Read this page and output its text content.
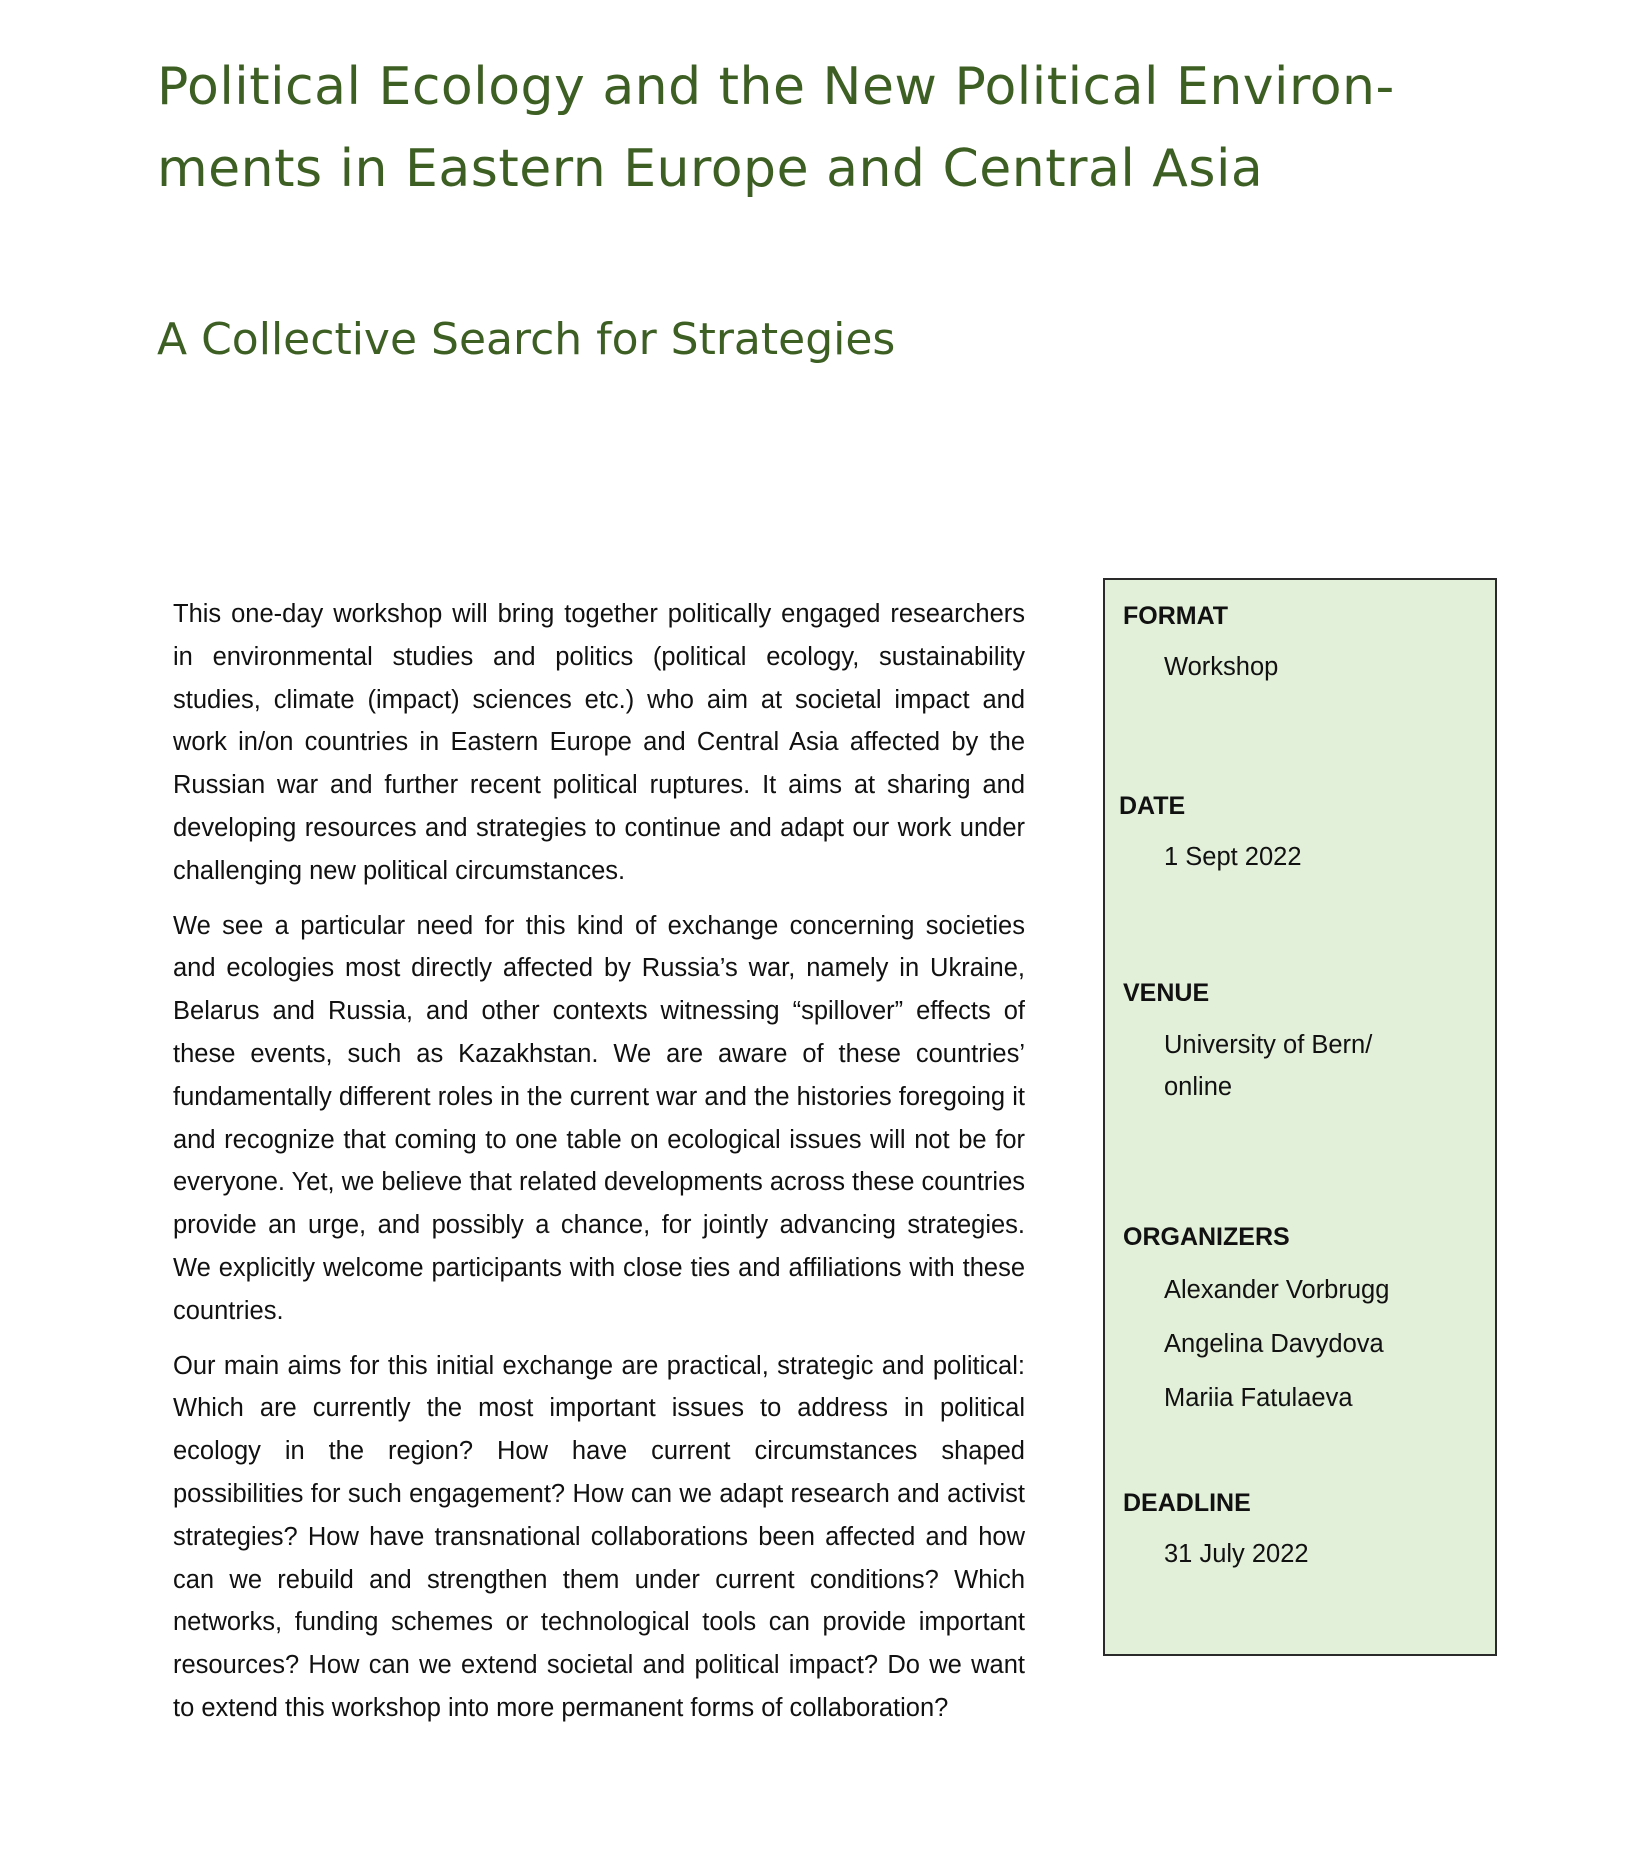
Political Ecology and the New Political Environ-
ments in Eastern Europe and Central Asia
A Collective Search for Strategies

This one-day workshop will bring together politically engaged researchers in environmental studies and politics (political ecology, sustainability studies, climate (impact) sciences etc.) who aim at societal impact and work in/on countries in Eastern Europe and Central Asia affected by the Russian war and further recent political ruptures. It aims at sharing and developing resources and strategies to continue and adapt our work under challenging new political circumstances.

We see a particular need for this kind of exchange concerning societies and ecologies most directly affected by Russia’s war, namely in Ukraine, Belarus and Russia, and other contexts witnessing “spillover” effects of these events, such as Kazakhstan. We are aware of these countries’ fundamentally different roles in the current war and the histories foregoing it and recognize that coming to one table on ecological issues will not be for everyone. Yet, we believe that related developments across these countries provide an urge, and possibly a chance, for jointly advancing strategies. We explicitly welcome participants with close ties and affiliations with these countries.

Our main aims for this initial exchange are practical, strategic and political: Which are currently the most important issues to address in political ecology in the region? How have current circumstances shaped possibilities for such engagement? How can we adapt research and activist strategies? How have transnational collaborations been affected and how can we rebuild and strengthen them under current conditions? Which networks, funding schemes or technological tools can provide important resources? How can we extend societal and political impact? Do we want to extend this workshop into more permanent forms of collaboration?

FORMAT
Workshop
DATE
1 Sept 2022
VENUE
University of Bern/
online
ORGANIZERS
Alexander Vorbrugg
Angelina Davydova
Mariia Fatulaeva
DEADLINE
31 July 2022
